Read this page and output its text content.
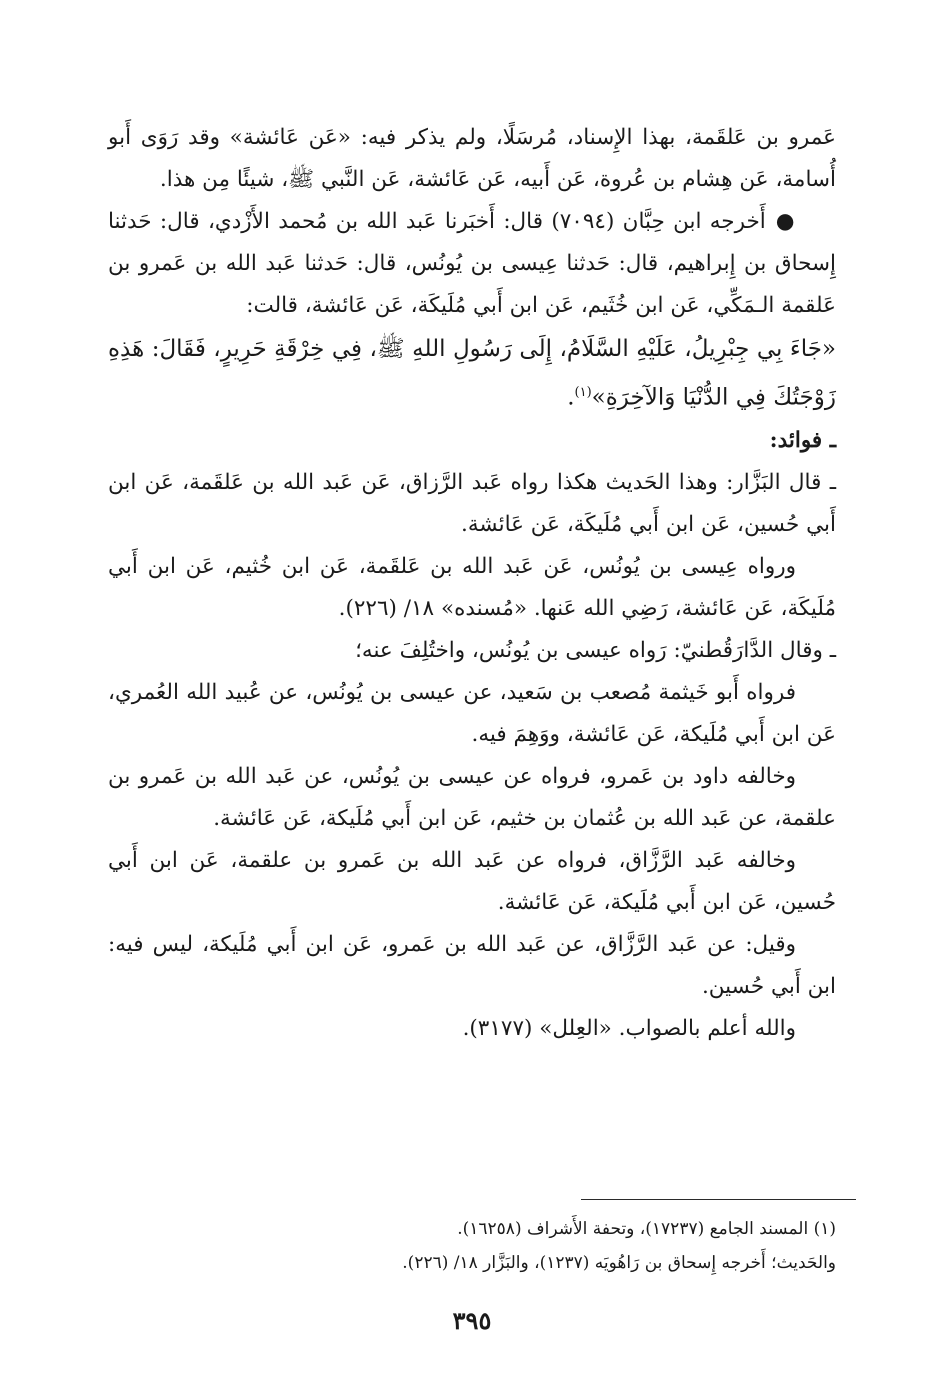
عَمرو بن عَلقَمة، بهذا الإِسناد، مُرسَلًا، ولم يذكر فيه: «عَن عَائشة» وقد رَوَى أَبو أُسامة، عَن هِشام بن عُروة، عَن أَبيه، عَن عَائشة، عَن النَّبي ﷺ، شيئًا مِن هذا.

●أَخرجه ابن حِبَّان (٧٠٩٤) قال: أَخبَرنا عَبد الله بن مُحمد الأَزْدي، قال: حَدثنا إِسحاق بن إِبراهيم، قال: حَدثنا عِيسى بن يُونُس، قال: حَدثنا عَبد الله بن عَمرو بن عَلقمة الـمَكِّي، عَن ابن خُثَيم، عَن ابن أَبي مُلَيكَة، عَن عَائشة، قالت:

«جَاءَ بِي جِبْرِيلُ، عَلَيْهِ السَّلَامُ، إِلَى رَسُولِ اللهِ ﷺ، فِي خِرْقَةِ حَرِيرٍ، فَقَالَ: هَذِهِ زَوْجَتُكَ فِي الدُّنْيَا وَالآخِرَةِ»$^{(١)}$.

ـ فوائد:

ـ قال البَزَّار: وهذا الحَديث هكذا رواه عَبد الرَّزاق، عَن عَبد الله بن عَلقَمة، عَن ابن أَبي حُسين، عَن ابن أَبي مُلَيكَة، عَن عَائشة.

ورواه عِيسى بن يُونُس، عَن عَبد الله بن عَلقَمة، عَن ابن خُثيم، عَن ابن أَبي مُلَيكَة، عَن عَائشة، رَضِي الله عَنها. «مُسنده» ١٨/ (٢٢٦).

ـ وقال الدَّارَقُطنيّ: رَواه عيسى بن يُونُس، واختُلِفَ عنه؛

فرواه أَبو خَيثمة مُصعب بن سَعيد، عن عيسى بن يُونُس، عن عُبيد الله العُمري، عَن ابن أَبي مُلَيكة، عَن عَائشة، ووَهِمَ فيه.

وخالفه داود بن عَمرو، فرواه عن عيسى بن يُونُس، عن عَبد الله بن عَمرو بن علقمة، عن عَبد الله بن عُثمان بن خثيم، عَن ابن أَبي مُلَيكة، عَن عَائشة.

وخالفه عَبد الرَّزَّاق، فرواه عن عَبد الله بن عَمرو بن علقمة، عَن ابن أَبي حُسين، عَن ابن أَبي مُلَيكة، عَن عَائشة.

وقيل: عن عَبد الرَّزَّاق، عن عَبد الله بن عَمرو، عَن ابن أَبي مُلَيكة، ليس فيه: ابن أَبي حُسين.

والله أعلم بالصواب. «العِلل» (٣١٧٧).

(١) المسند الجامع (١٧٢٣٧)، وتحفة الأَشراف (١٦٢٥٨).

والحَديث؛ أَخرجه إِسحاق بن رَاهُويَه (١٢٣٧)، والبَزَّار ١٨/ (٢٢٦).

٣٩٥
